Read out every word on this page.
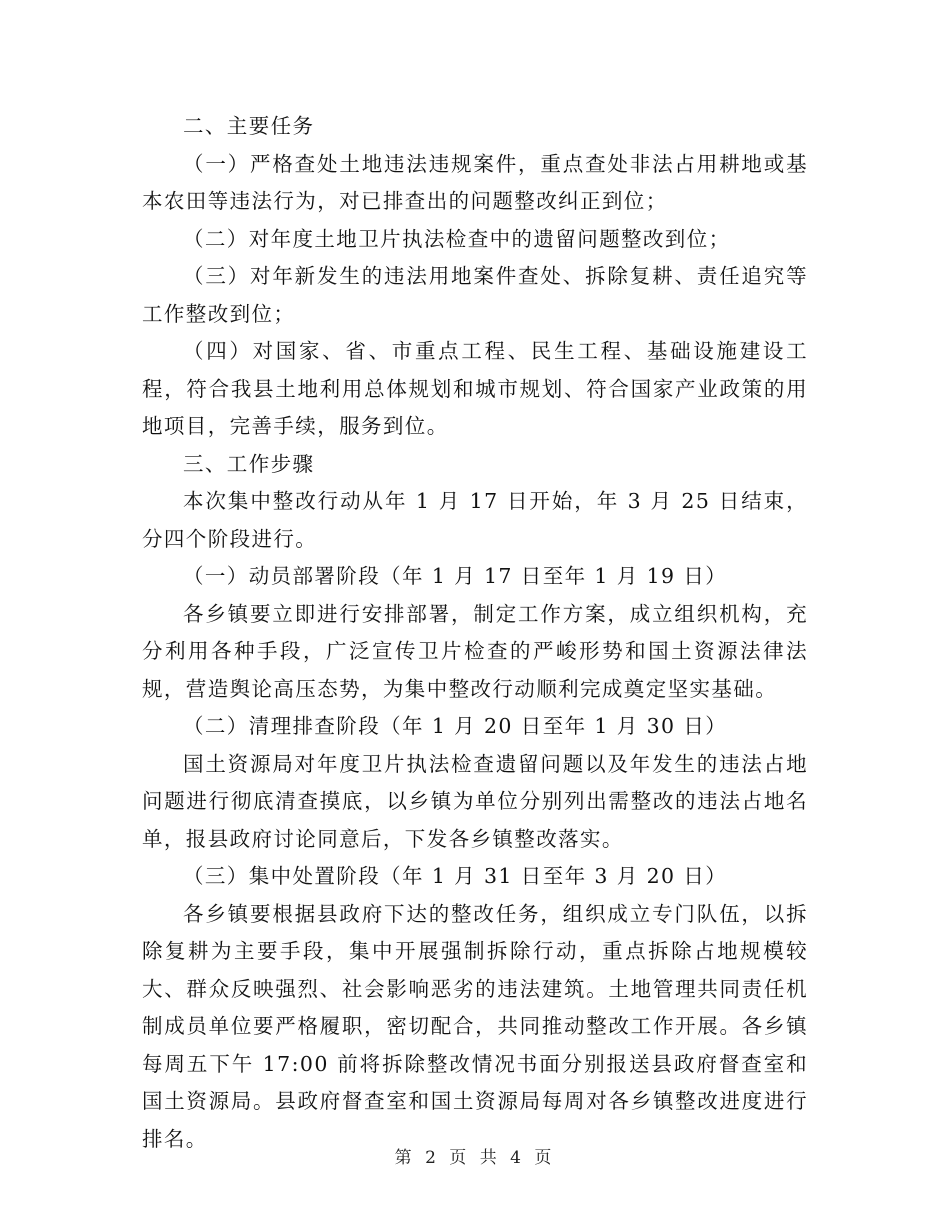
二、主要任务

（一）严格查处土地违法违规案件，重点查处非法占用耕地或基本农田等违法行为，对已排查出的问题整改纠正到位；

（二）对年度土地卫片执法检查中的遗留问题整改到位；

（三）对年新发生的违法用地案件查处、拆除复耕、责任追究等工作整改到位；

（四）对国家、省、市重点工程、民生工程、基础设施建设工程，符合我县土地利用总体规划和城市规划、符合国家产业政策的用地项目，完善手续，服务到位。

三、工作步骤

本次集中整改行动从年 1 月 17 日开始，年 3 月 25 日结束，分四个阶段进行。

（一）动员部署阶段（年 1 月 17 日至年 1 月 19 日）

各乡镇要立即进行安排部署，制定工作方案，成立组织机构，充分利用各种手段，广泛宣传卫片检查的严峻形势和国土资源法律法规，营造舆论高压态势，为集中整改行动顺利完成奠定坚实基础。

（二）清理排查阶段（年 1 月 20 日至年 1 月 30 日）

国土资源局对年度卫片执法检查遗留问题以及年发生的违法占地问题进行彻底清查摸底，以乡镇为单位分别列出需整改的违法占地名单，报县政府讨论同意后，下发各乡镇整改落实。

（三）集中处置阶段（年 1 月 31 日至年 3 月 20 日）

各乡镇要根据县政府下达的整改任务，组织成立专门队伍，以拆除复耕为主要手段，集中开展强制拆除行动，重点拆除占地规模较大、群众反映强烈、社会影响恶劣的违法建筑。土地管理共同责任机制成员单位要严格履职，密切配合，共同推动整改工作开展。各乡镇每周五下午 17:00 前将拆除整改情况书面分别报送县政府督查室和国土资源局。县政府督查室和国土资源局每周对各乡镇整改进度进行排名。

第 2 页 共 4 页
